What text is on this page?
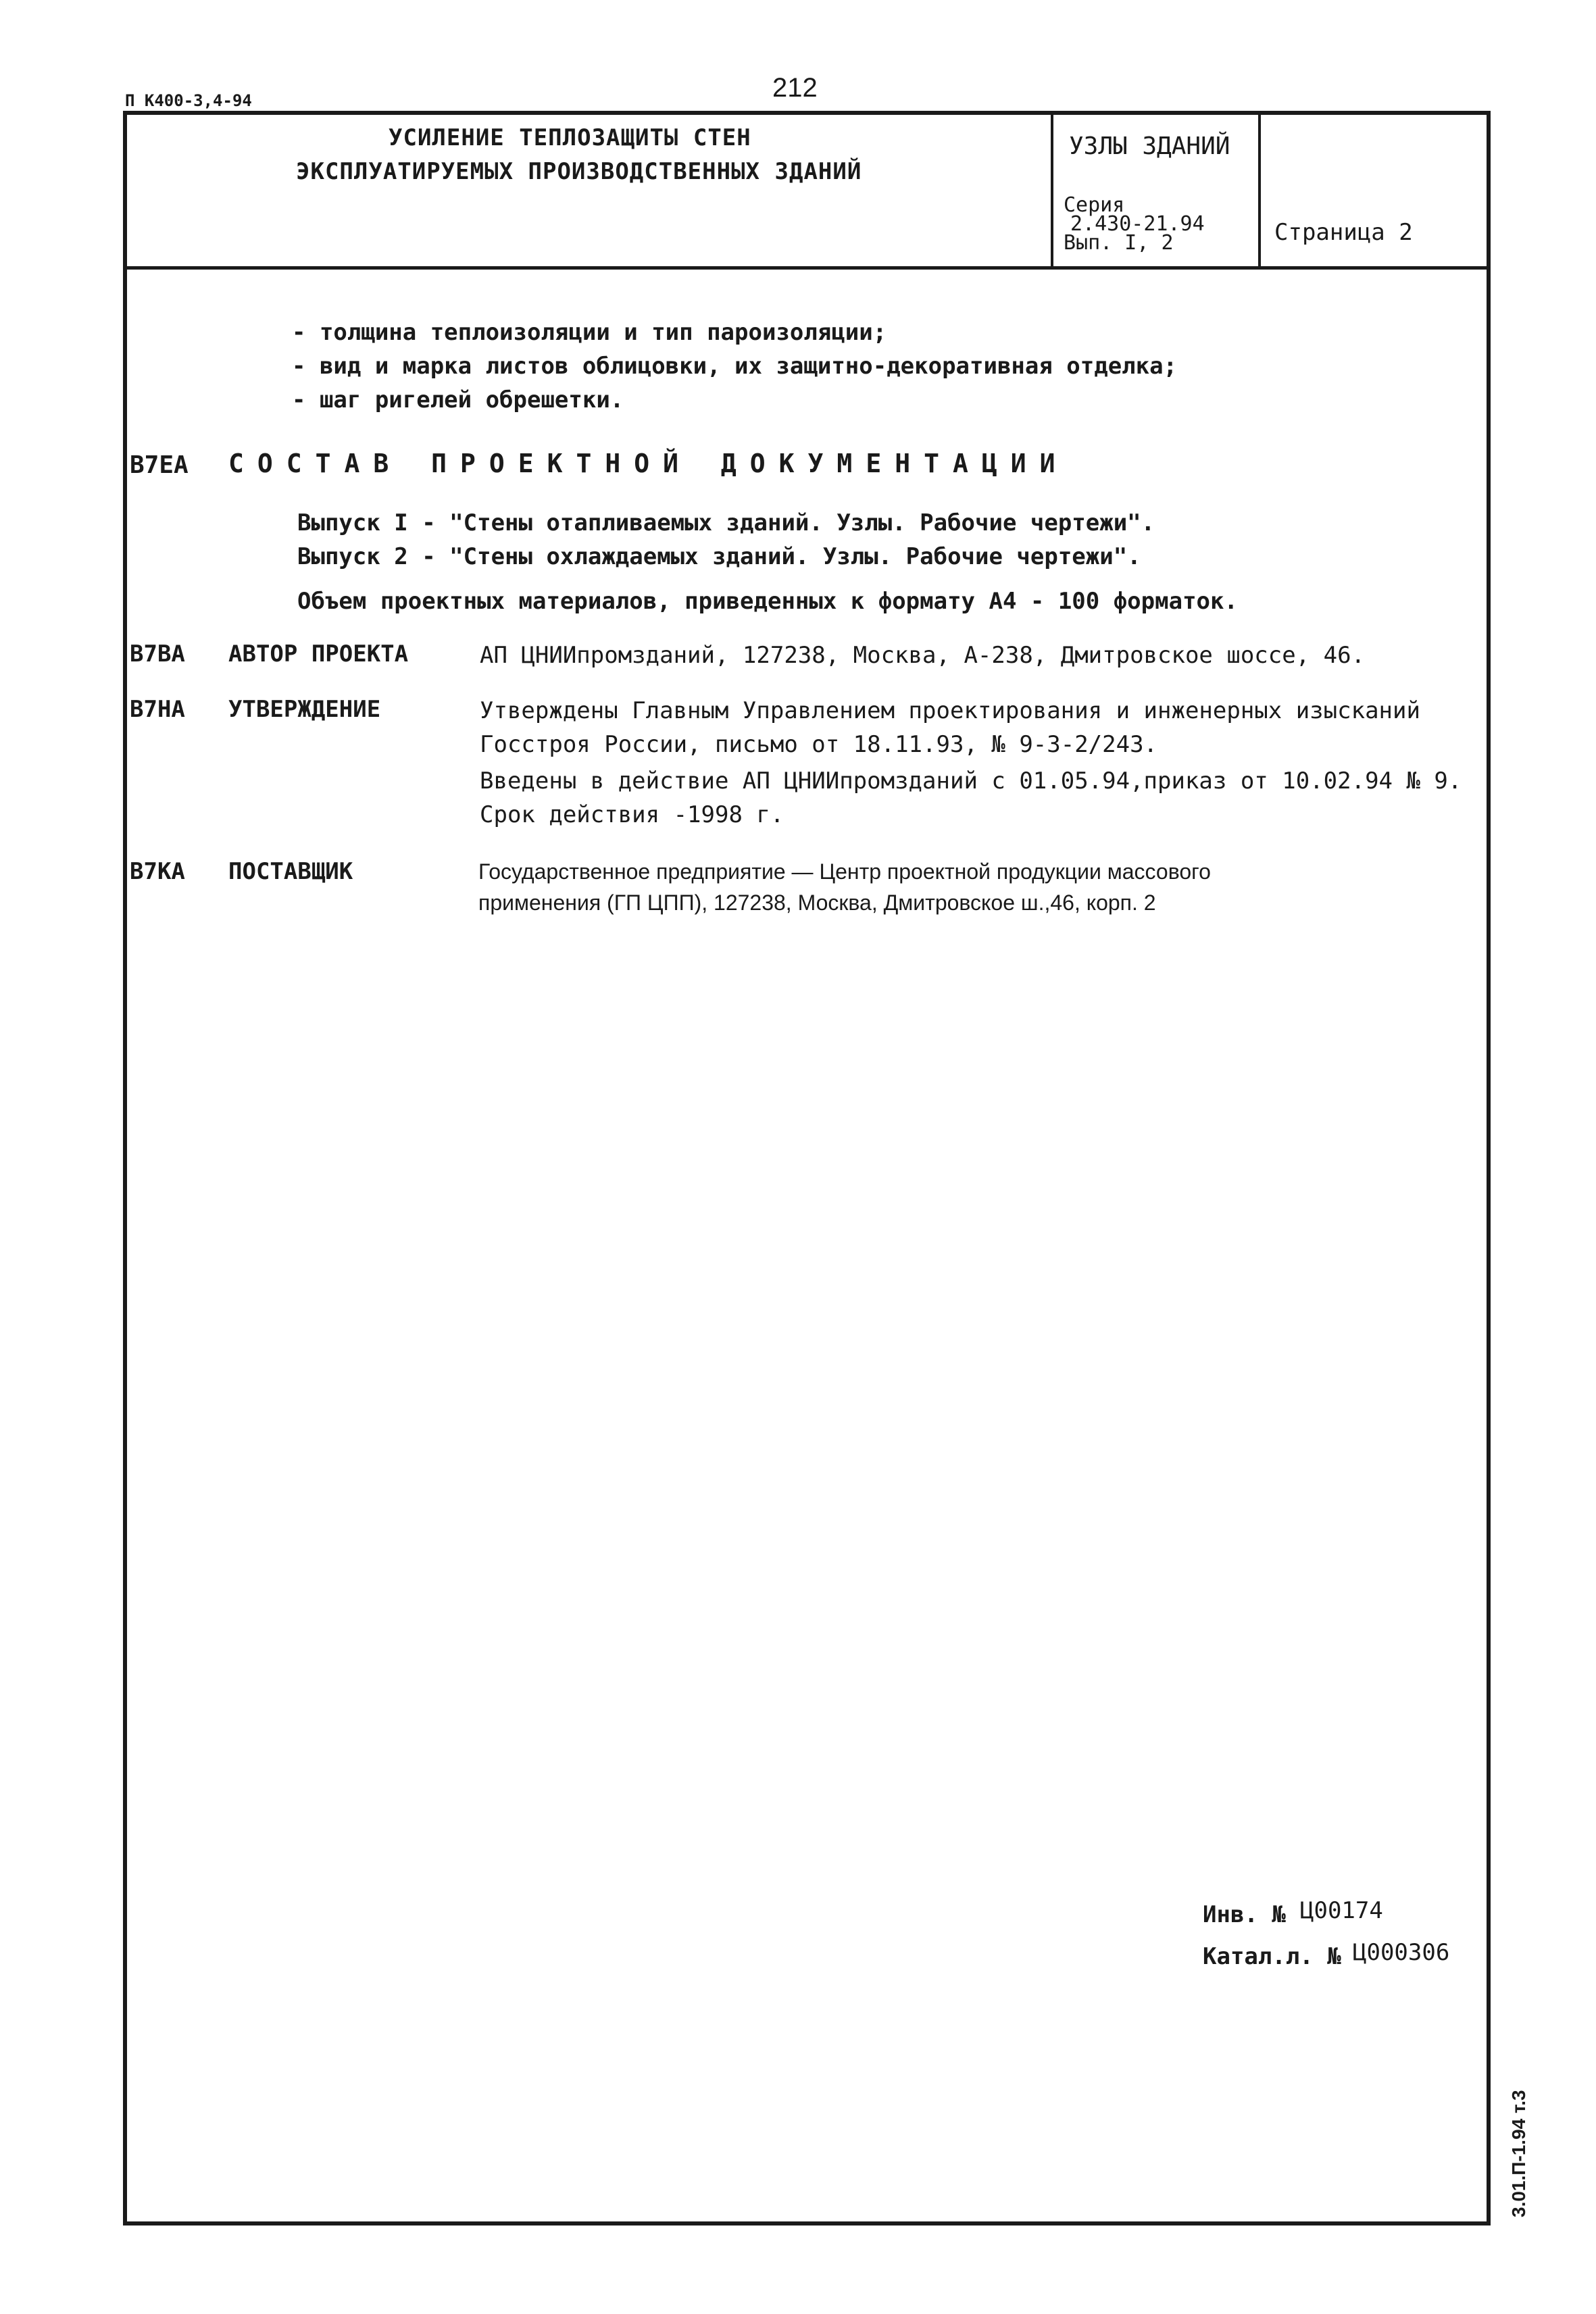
П К400-3,4-94	212
УСИЛЕНИЕ ТЕПЛОЗАЩИТЫ СТЕН
ЭКСПЛУАТИРУЕМЫХ ПРОИЗВОДСТВЕННЫХ ЗДАНИЙ
УЗЛЫ ЗДАНИЙ
Серия
2.430-21.94
Вып. I, 2	Страница 2
- толщина теплоизоляции и тип пароизоляции;
- вид и марка листов облицовки, их защитно-декоративная отделка;
- шаг ригелей обрешетки.
В7ЕА СОСТАВ ПРОЕКТНОЙ ДОКУМЕНТАЦИИ
Выпуск I - "Стены отапливаемых зданий. Узлы. Рабочие чертежи".
Выпуск 2 - "Стены охлаждаемых зданий. Узлы. Рабочие чертежи".
Объем проектных материалов, приведенных к формату А4 - 100 форматок.
В7ВА АВТОР ПРОЕКТА	АП ЦНИИпромзданий, 127238, Москва, А-238, Дмитровское шоссе, 46.
В7НА УТВЕРЖДЕНИЕ	Утверждены Главным Управлением проектирования и инженерных изысканий
Госстроя России, письмо от 18.11.93, № 9-3-2/243.
Введены в действие АП ЦНИИпромзданий с 01.05.94,приказ от 10.02.94 № 9.
Срок действия -1998 г.
В7КА ПОСТАВЩИК	Государственное предприятие — Центр проектной продукции массового
применения (ГП ЦПП), 127238, Москва, Дмитровское ш.,46, корп. 2
Инв. № Ц00174
Катал.л. № Ц000306
3.01.П-1.94 т.3
